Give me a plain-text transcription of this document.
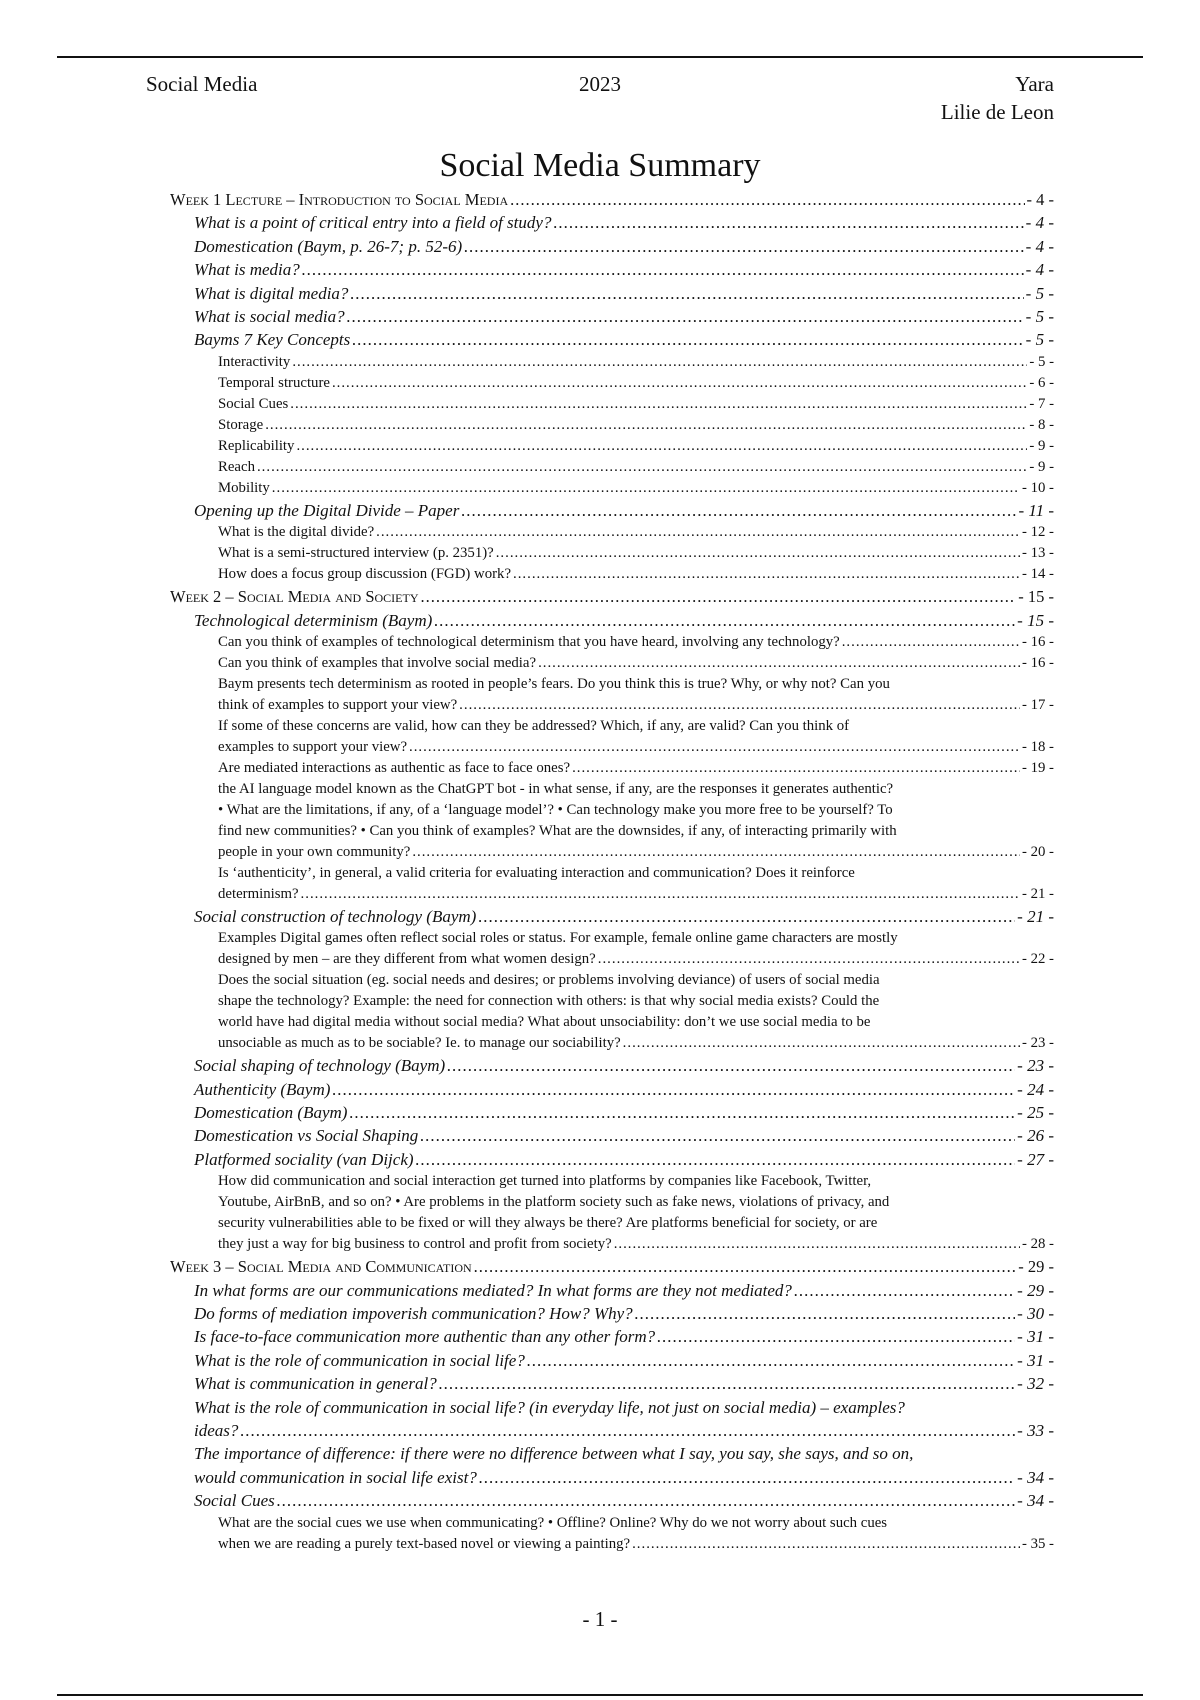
Social Media	2023	Yara
Lilie de Leon
Social Media Summary
Week 1 Lecture – Introduction to Social Media .....	- 4 -
What is a point of critical entry into a field of study? .....	- 4 -
Domestication (Baym, p. 26-7; p. 52-6) .....	- 4 -
What is media? .....	- 4 -
What is digital media? .....	- 5 -
What is social media? .....	- 5 -
Bayms 7 Key Concepts .....	- 5 -
Interactivity .....	- 5 -
Temporal structure .....	- 6 -
Social Cues .....	- 7 -
Storage .....	- 8 -
Replicability .....	- 9 -
Reach .....	- 9 -
Mobility .....	- 10 -
Opening up the Digital Divide – Paper .....	- 11 -
What is the digital divide? .....	- 12 -
What is a semi-structured interview (p. 2351)? .....	- 13 -
How does a focus group discussion (FGD) work? .....	- 14 -
Week 2 – Social Media and Society .....	- 15 -
Technological determinism (Baym) .....	- 15 -
Can you think of examples of technological determinism that you have heard, involving any technology? .....	- 16 -
Can you think of examples that involve social media? .....	- 16 -
Baym presents tech determinism as rooted in people’s fears. Do you think this is true? Why, or why not? Can you
think of examples to support your view? .....	- 17 -
If some of these concerns are valid, how can they be addressed? Which, if any, are valid? Can you think of
examples to support your view? .....	- 18 -
Are mediated interactions as authentic as face to face ones? .....	- 19 -
the AI language model known as the ChatGPT bot - in what sense, if any, are the responses it generates authentic?
• What are the limitations, if any, of a ‘language model’? • Can technology make you more free to be yourself? To
find new communities? • Can you think of examples? What are the downsides, if any, of interacting primarily with
people in your own community? .....	- 20 -
Is ‘authenticity’, in general, a valid criteria for evaluating interaction and communication? Does it reinforce
determinism? .....	- 21 -
Social construction of technology (Baym) .....	- 21 -
Examples Digital games often reflect social roles or status. For example, female online game characters are mostly
designed by men – are they different from what women design? .....	- 22 -
Does the social situation (eg. social needs and desires; or problems involving deviance) of users of social media
shape the technology? Example: the need for connection with others: is that why social media exists? Could the
world have had digital media without social media? What about unsociability: don’t we use social media to be
unsociable as much as to be sociable? Ie. to manage our sociability? .....	- 23 -
Social shaping of technology (Baym) .....	- 23 -
Authenticity (Baym) .....	- 24 -
Domestication (Baym) .....	- 25 -
Domestication vs Social Shaping .....	- 26 -
Platformed sociality (van Dijck) .....	- 27 -
How did communication and social interaction get turned into platforms by companies like Facebook, Twitter,
Youtube, AirBnB, and so on? • Are problems in the platform society such as fake news, violations of privacy, and
security vulnerabilities able to be fixed or will they always be there? Are platforms beneficial for society, or are
they just a way for big business to control and profit from society? .....	- 28 -
Week 3 – Social Media and Communication .....	- 29 -
In what forms are our communications mediated? In what forms are they not mediated? .....	- 29 -
Do forms of mediation impoverish communication? How? Why? .....	- 30 -
Is face-to-face communication more authentic than any other form? .....	- 31 -
What is the role of communication in social life? .....	- 31 -
What is communication in general? .....	- 32 -
What is the role of communication in social life? (in everyday life, not just on social media) – examples?
ideas? .....	- 33 -
The importance of difference: if there were no difference between what I say, you say, she says, and so on,
would communication in social life exist? .....	- 34 -
Social Cues .....	- 34 -
What are the social cues we use when communicating? • Offline? Online? Why do we not worry about such cues
when we are reading a purely text-based novel or viewing a painting? .....	- 35 -
- 1 -
